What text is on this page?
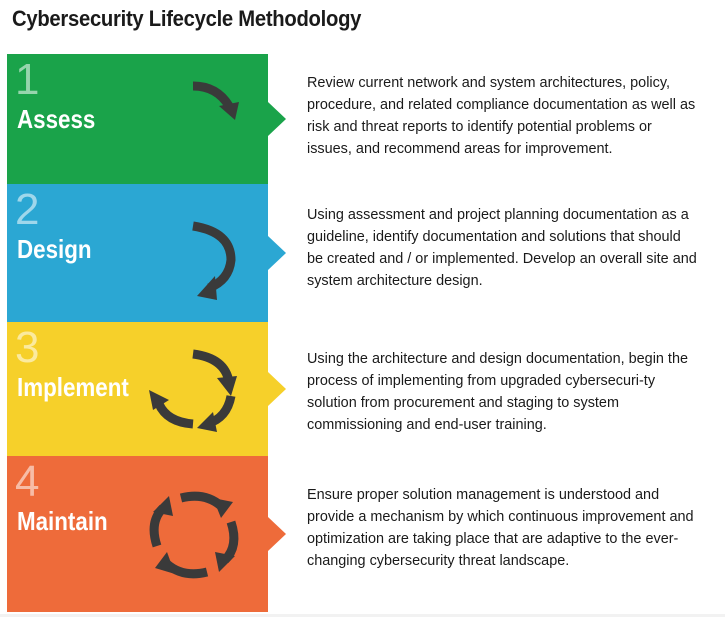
Cybersecurity Lifecycle Methodology
1
Assess
Review current network and system architectures, policy, procedure, and related compliance documentation as well as risk and threat reports to identify potential problems or issues, and recommend areas for improvement.
2
Design
Using assessment and project planning documentation as a guideline, identify documentation and solutions that should be created and / or implemented. Develop an overall site and system architecture design.
3
Implement
Using the architecture and design documentation, begin the process of implementing from upgraded cybersecuri-ty solution from procurement and staging to system commissioning and end-user training.
4
Maintain
Ensure proper solution management is understood and provide a mechanism by which continuous improvement and optimization are taking place that are adaptive to the ever-changing cybersecurity threat landscape.
